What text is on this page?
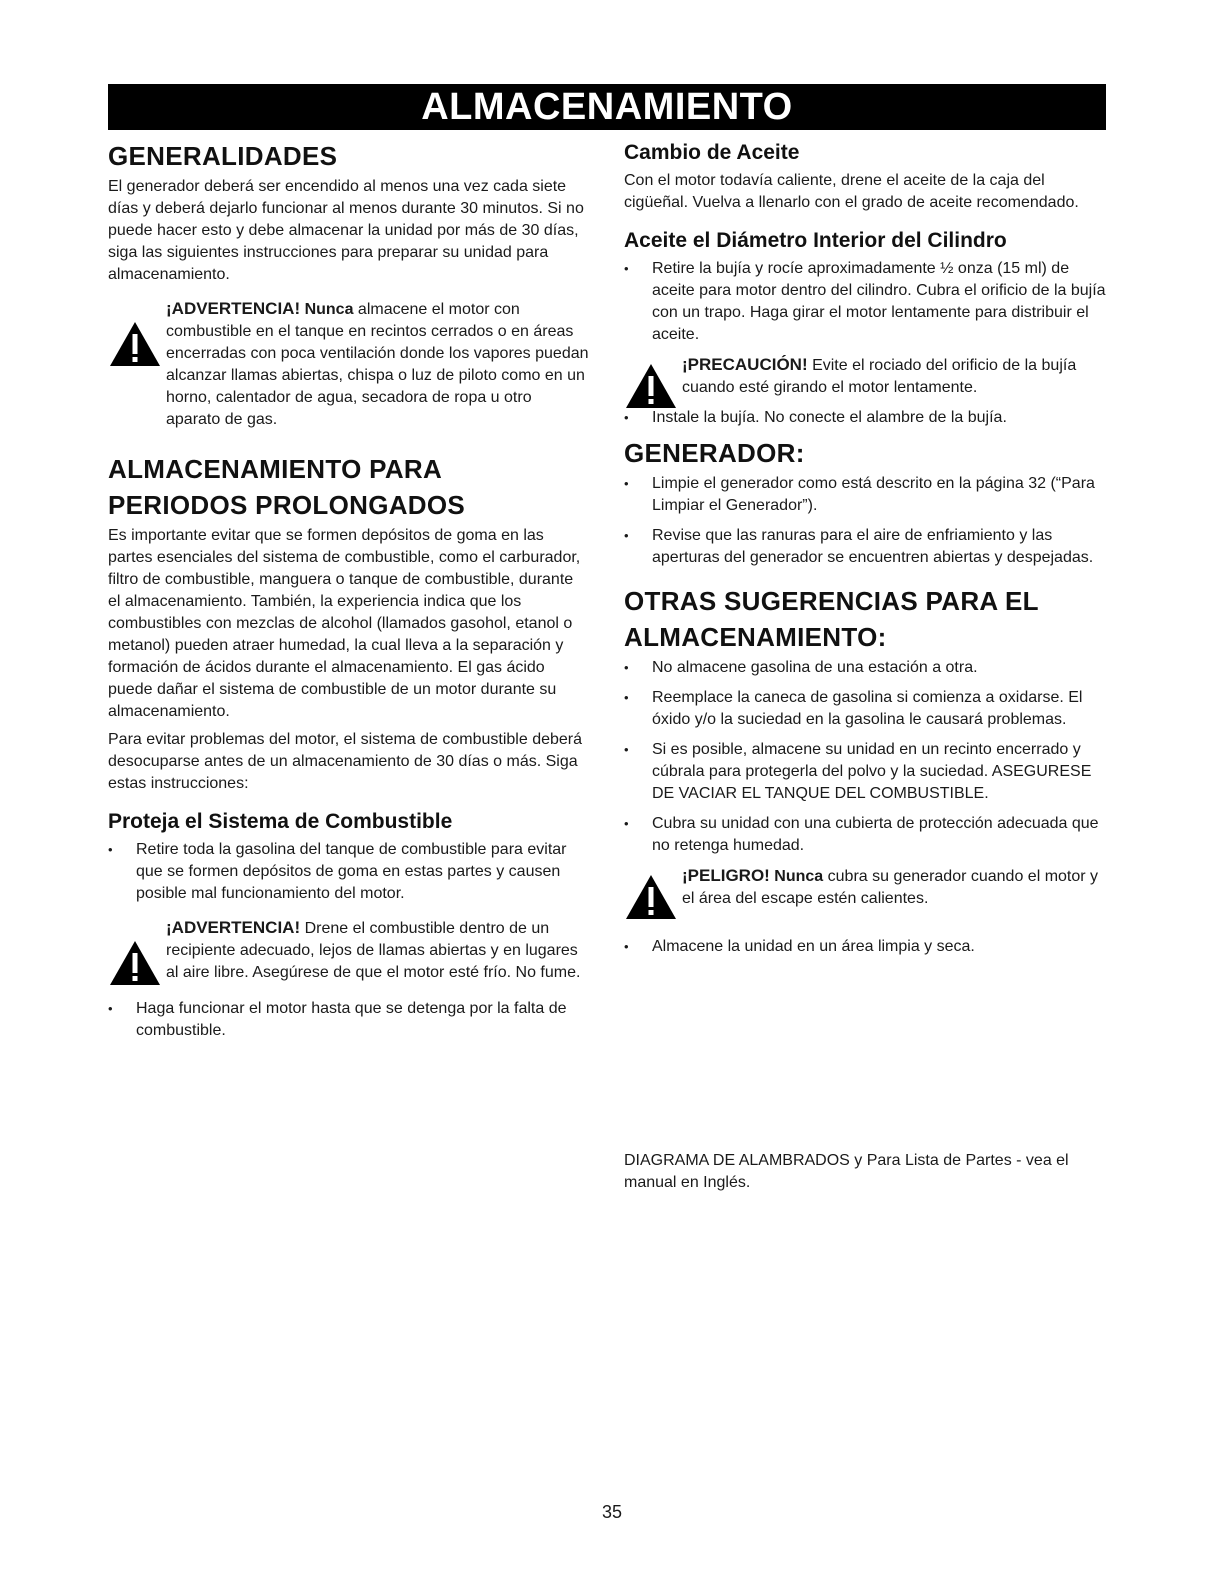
ALMACENAMIENTO
GENERALIDADES

El generador deberá ser encendido al menos una vez cada siete días y deberá dejarlo funcionar al menos durante 30 minutos. Si no puede hacer esto y debe almacenar la unidad por más de 30 días, siga las siguientes instrucciones para preparar su unidad para almacenamiento.

¡ADVERTENCIA! Nunca almacene el motor con combustible en el tanque en recintos cerrados o en áreas encerradas con poca ventilación donde los vapores puedan alcanzar llamas abiertas, chispa o luz de piloto como en un horno, calentador de agua, secadora de ropa u otro aparato de gas.

ALMACENAMIENTO PARA
PERIODOS PROLONGADOS

Es importante evitar que se formen depósitos de goma en las partes esenciales del sistema de combustible, como el carburador, filtro de combustible, manguera o tanque de combustible, durante el almacenamiento. También, la experiencia indica que los combustibles con mezclas de alcohol (llamados gasohol, etanol o metanol) pueden atraer humedad, la cual lleva a la separación y formación de ácidos durante el almacenamiento. El gas ácido puede dañar el sistema de combustible de un motor durante su almacenamiento.

Para evitar problemas del motor, el sistema de combustible deberá desocuparse antes de un almacenamiento de 30 días o más. Siga estas instrucciones:

Proteja el Sistema de Combustible
• Retire toda la gasolina del tanque de combustible para evitar que se formen depósitos de goma en estas partes y causen posible mal funcionamiento del motor.

¡ADVERTENCIA! Drene el combustible dentro de un recipiente adecuado, lejos de llamas abiertas y en lugares al aire libre. Asegúrese de que el motor esté frío. No fume.

• Haga funcionar el motor hasta que se detenga por la falta de combustible.
Cambio de Aceite

Con el motor todavía caliente, drene el aceite de la caja del cigüeñal. Vuelva a llenarlo con el grado de aceite recomendado.

Aceite el Diámetro Interior del Cilindro
• Retire la bujía y rocíe aproximadamente ½ onza (15 ml) de aceite para motor dentro del cilindro. Cubra el orificio de la bujía con un trapo. Haga girar el motor lentamente para distribuir el aceite.

¡PRECAUCIÓN! Evite el rociado del orificio de la bujía cuando esté girando el motor lentamente.

• Instale la bujía. No conecte el alambre de la bujía.
GENERADOR:
• Limpie el generador como está descrito en la página 32 (“Para Limpiar el Generador”).
• Revise que las ranuras para el aire de enfriamiento y las aperturas del generador se encuentren abiertas y despejadas.
OTRAS SUGERENCIAS PARA EL
ALMACENAMIENTO:
• No almacene gasolina de una estación a otra.
• Reemplace la caneca de gasolina si comienza a oxidarse. El óxido y/o la suciedad en la gasolina le causará problemas.
• Si es posible, almacene su unidad en un recinto encerrado y cúbrala para protegerla del polvo y la suciedad. ASEGURESE DE VACIAR EL TANQUE DEL COMBUSTIBLE.
• Cubra su unidad con una cubierta de protección adecuada que no retenga humedad.

¡PELIGRO! Nunca cubra su generador cuando el motor y el área del escape estén calientes.

• Almacene la unidad en un área limpia y seca.

DIAGRAMA DE ALAMBRADOS y Para Lista de Partes - vea el manual en Inglés.

35
